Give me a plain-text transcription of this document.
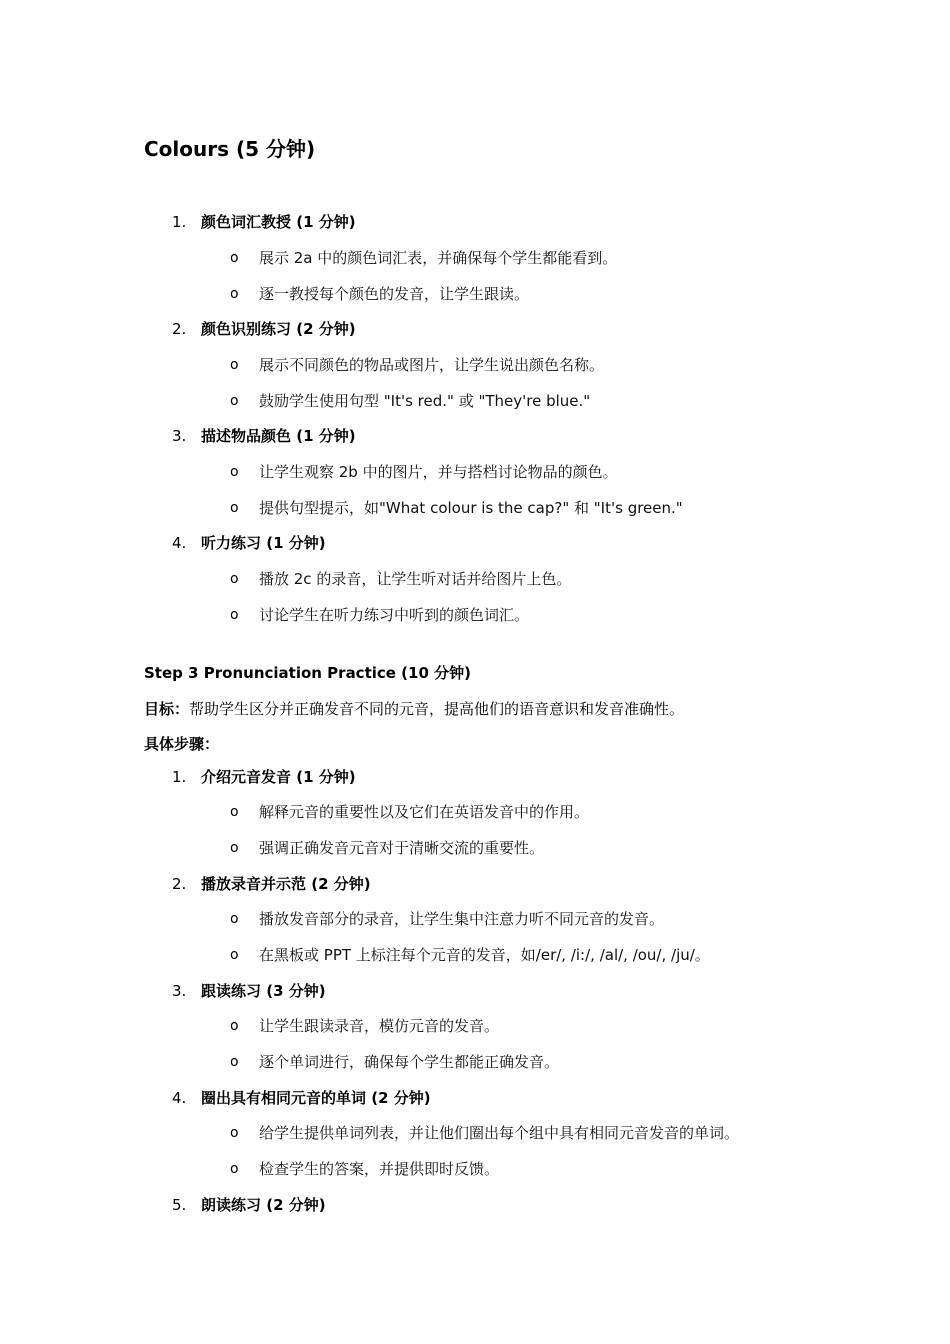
Colours (5 分钟)
1. 颜色词汇教授 (1 分钟)
o 展示 2a 中的颜色词汇表，并确保每个学生都能看到。
o 逐一教授每个颜色的发音，让学生跟读。
2. 颜色识别练习 (2 分钟)
o 展示不同颜色的物品或图片，让学生说出颜色名称。
o 鼓励学生使用句型 "It's red." 或 "They're blue."
3. 描述物品颜色 (1 分钟)
o 让学生观察 2b 中的图片，并与搭档讨论物品的颜色。
o 提供句型提示，如"What colour is the cap?" 和 "It's green."
4. 听力练习 (1 分钟)
o 播放 2c 的录音，让学生听对话并给图片上色。
o 讨论学生在听力练习中听到的颜色词汇。
Step 3 Pronunciation Practice (10 分钟)
目标：帮助学生区分并正确发音不同的元音，提高他们的语音意识和发音准确性。
具体步骤：
1. 介绍元音发音 (1 分钟)
o 解释元音的重要性以及它们在英语发音中的作用。
o 强调正确发音元音对于清晰交流的重要性。
2. 播放录音并示范 (2 分钟)
o 播放发音部分的录音，让学生集中注意力听不同元音的发音。
o 在黑板或 PPT 上标注每个元音的发音，如/er/, /i:/, /al/, /ou/, /ju/。
3. 跟读练习 (3 分钟)
o 让学生跟读录音，模仿元音的发音。
o 逐个单词进行，确保每个学生都能正确发音。
4. 圈出具有相同元音的单词 (2 分钟)
o 给学生提供单词列表，并让他们圈出每个组中具有相同元音发音的单词。
o 检查学生的答案，并提供即时反馈。
5. 朗读练习 (2 分钟)
